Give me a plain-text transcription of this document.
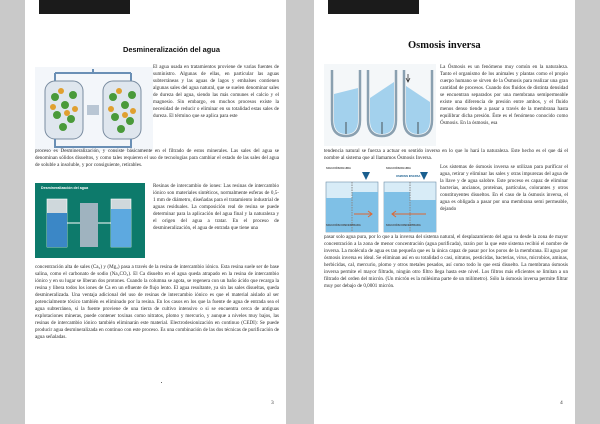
Desmineralización del agua
El agua usada en tratamientos proviene de varias fuentes de suministro. Algunas de ellas, en particular las aguas subterráneas y las aguas de lagos y embalses contienen algunas sales del agua natural, que se suelen denominar sales de dureza del agua, siendo las más comunes el calcio y el magnesio. Sin embargo, en muchos procesos existe la necesidad de reducir o eliminar en su totalidad estas sales de dureza. El término que se aplica para este
proceso es Desmineralización, y consiste básicamente en el filtrado de estos minerales. Las sales del agua se denominan sólidos disueltos, y como tales requieren el uso de tecnologías para cambiar el estado de las sales del agua de soluble a insoluble, y por consiguiente, retirables.
Desmineralización del agua	Resinas de intercambio de iones: Las resinas de intercambio iónico son materiales sintéticos, normalmente esferas de 0,5-1 mm de diámetro, diseñadas para el tratamiento industrial de aguas residuales. La composición real de resina se puede determinar para la aplicación del agua final y la naturaleza y el origen del agua a tratar. En el proceso de desmineralización, el agua de entrada que tiene una
concentración alta de sales (Ca₂) y (Mg₂) pasa a través de la resina de intercambio iónico. Esta resina suele ser de base salina, como el carbonato de sodio (Na₂CO₃). El Ca disuelto en el agua queda atrapado en la resina de intercambio iónico y en su lugar se liberan dos protones. Cuando la columna se agota, se regenera con un baño ácido que recarga la resina y libera todos los iones de Ca en un efluente de flujo lento. El agua resultante, ya sin las sales disueltas, queda desmineralizada. Una ventaja adicional del uso de resinas de intercambio iónico es que el material aislado al ser potencialmente tóxico también es eliminado por la resina. En los casos en los que la fuente de agua de entrada sea el agua subterránea, si la fuente proviene de una tierra de cultivo intensivo o si se encuentra cerca de antiguas explotaciones mineras, puede contener toxinas como nitratos, plomo y mercurio, y aunque a niveles muy bajos, las resinas de intercambio iónico también eliminarán este material. Electrodesionización en continuo (CEDI): Se puede producir agua desmineralizada en continuo con este proceso. Es una combinación de las dos técnicas de purificación de agua señaladas.
3
Osmosis inversa
La Ósmosis es un fenómeno muy común en la naturaleza. Tanto el organismo de los animales y plantas como el propio cuerpo humano se sirven de la Ósmosis para realizar una gran cantidad de procesos. Cuando dos fluidos de distinta densidad se encuentran separados por una membrana semipermeable existe una diferencia de presión entre ambos, y el fluido menos denso tiende a pasar a través de la membrana hasta equilibrar dicha presión. Éste es el fenómeno conocido como Ósmosis. En la ósmosis, esa
tendencia natural se fuerza a actuar en sentido inverso en lo que lo hará la naturaleza. Este hecho es el que dá el nombre al sistema que al llamamos Ósmosis Inversa.
SOLUCIÓN DILUIDA
SOLUCIÓN CONCENTRADA
SOLUCIÓN DILUIDA
SOLUCIÓN CONCENTRADA
OSMOSIS INVERSA
Los sistemas de ósmosis inversa se utilizan para purificar el agua, retirar y eliminar las sales y otras impurezas del agua de la llave y de agua salobre. Este proceso es capaz de eliminar bacterias, ancianos, proteínas, partículas, colorantes y otros constituyentes disueltos. En el caso de la ósmosis inversa, el agua es obligada a pasar por una membrana semi permeable, dejando
pasar solo agua pura, por lo que a la inversa del sistema natural, el desplazamiento del agua va desde la zona de mayor concentración a la zona de menor concentración (agua purificada), razón por la que este sistema recibió el nombre de inversa. La molécula de agua es tan pequeña que es la única capaz de pasar por los poros de la membrana. El agua por ósmosis inversa es ideal. Se eliminan así en su totalidad o casi, nitratos, pesticidas, bacterias, virus, microbios, aminas, herbicidas, cal, mercurio, plomo y otros metales pesados, así como todo lo que está disuelto. La membrana ósmosis inversa permite el mayor filtrado, ningún otro filtro llega hasta este nivel. Los filtros más eficientes se limitan a un filtrado del orden del micrón. (Un micrón es la milésima parte de un milímetro). Sólo la ósmosis inversa permite filtrar muy por debajo de 0,0001 micrón.
4
